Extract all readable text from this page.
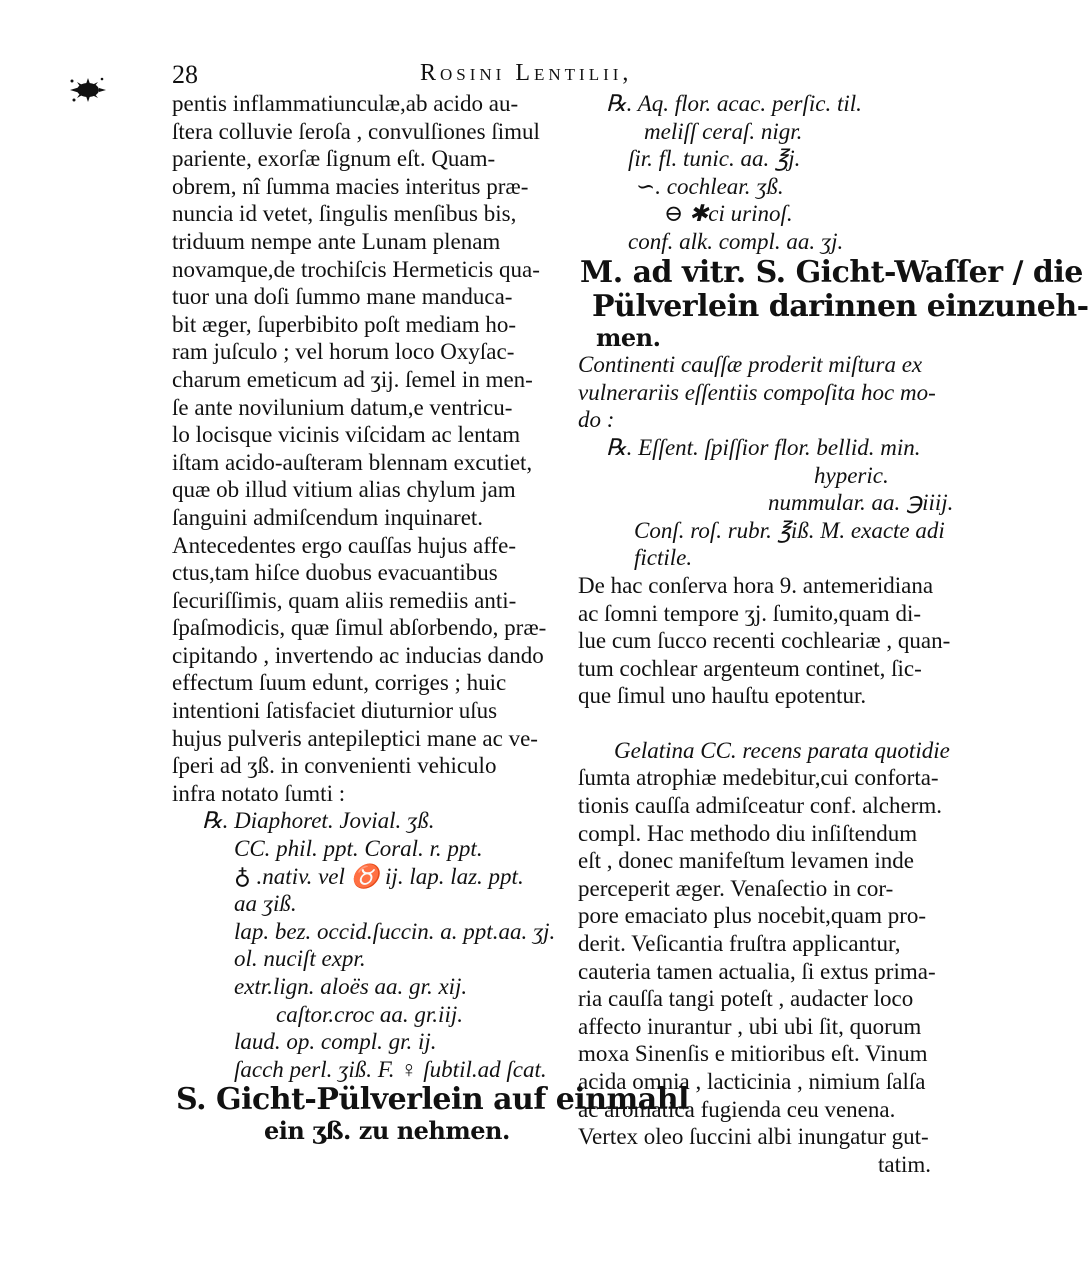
28	Rosini Lentilii,
pentis inflammatiunculæ,ab acido au-
ſtera colluvie ſeroſa , convulſiones ſimul
pariente, exorſæ ſignum eſt. Quam-
obrem, nî ſumma macies interitus præ-
nuncia id vetet, ſingulis menſibus bis,
triduum nempe ante Lunam plenam
novamque,de trochiſcis Hermeticis qua-
tuor una doſi ſummo mane manduca-
bit æger, ſuperbibito poſt mediam ho-
ram juſculo ; vel horum loco Oxyſac-
charum emeticum ad ʒij. ſemel in men-
ſe ante novilunium datum,e ventricu-
lo locisque vicinis viſcidam ac lentam
iſtam acido-auſteram blennam excutiet,
quæ ob illud vitium alias chylum jam
ſanguini admiſcendum inquinaret.
Antecedentes ergo cauſſas hujus affe-
ctus,tam hiſce duobus evacuantibus
ſecuriſſimis, quam aliis remediis anti-
ſpaſmodicis, quæ ſimul abſorbendo, præ-
cipitando , invertendo ac inducias dando
effectum ſuum edunt, corriges ; huic
intentioni ſatisfaciet diuturnior uſus
hujus pulveris antepileptici mane ac ve-
ſperi ad ʒß. in convenienti vehiculo
infra notato ſumti :
℞. Diaphoret. Jovial. ʒß.
CC. phil. ppt. Coral. r. ppt.
♁ .nativ. vel ♉ ij. lap. laz. ppt.
aa ʒiß.
lap. bez. occid.ſuccin. a. ppt.aa. ʒj.
ol. nuciſt expr.
extr.lign. aloës aa. gr. xij.
caſtor.croc aa. gr.iij.
laud. op. compl. gr. ij.
ſacch perl. ʒiß. F. ♀ ſubtil.ad ſcat.
S. Gicht-Pülverlein auf einmahl
ein ʒß. zu nehmen.
℞. Aq. flor. acac. perſic. til.
meliſſ ceraſ. nigr.
ſir. fl. tunic. aa. ℥j.
∽. cochlear. ʒß.
⊖ ✱ci urinoſ.
conf. alk. compl. aa. ʒj.
M. ad vitr. S. Gicht-Waſſer / die
Pülverlein darinnen einzuneh-
men.
Continenti cauſſæ proderit miſtura ex
vulnerariis eſſentiis compoſita hoc mo-
do :
℞. Eſſent. ſpiſſior flor. bellid. min.
hyperic.
nummular. aa. ℈iiij.
Conſ. roſ. rubr. ℥iß. M. exacte adi
fictile.
De hac conſerva hora 9. antemeridiana
ac ſomni tempore ʒj. ſumito,quam di-
lue cum ſucco recenti cochleariæ , quan-
tum cochlear argenteum continet, ſic-
que ſimul uno hauſtu epotentur.
Gelatina CC. recens parata quotidie
ſumta atrophiæ medebitur,cui conforta-
tionis cauſſa admiſceatur conf. alcherm.
compl. Hac methodo diu inſiſtendum
eſt , donec manifeſtum levamen inde
perceperit æger. Venaſectio in cor-
pore emaciato plus nocebit,quam pro-
derit. Veſicantia fruſtra applicantur,
cauteria tamen actualia, ſi extus prima-
ria cauſſa tangi poteſt , audacter loco
affecto inurantur , ubi ubi ſit, quorum
moxa Sinenſis e mitioribus eſt. Vinum
acida omnia , lacticinia , nimium ſalſa
ac aromatica fugienda ceu venena.
Vertex oleo ſuccini albi inungatur gut-
tatim.
